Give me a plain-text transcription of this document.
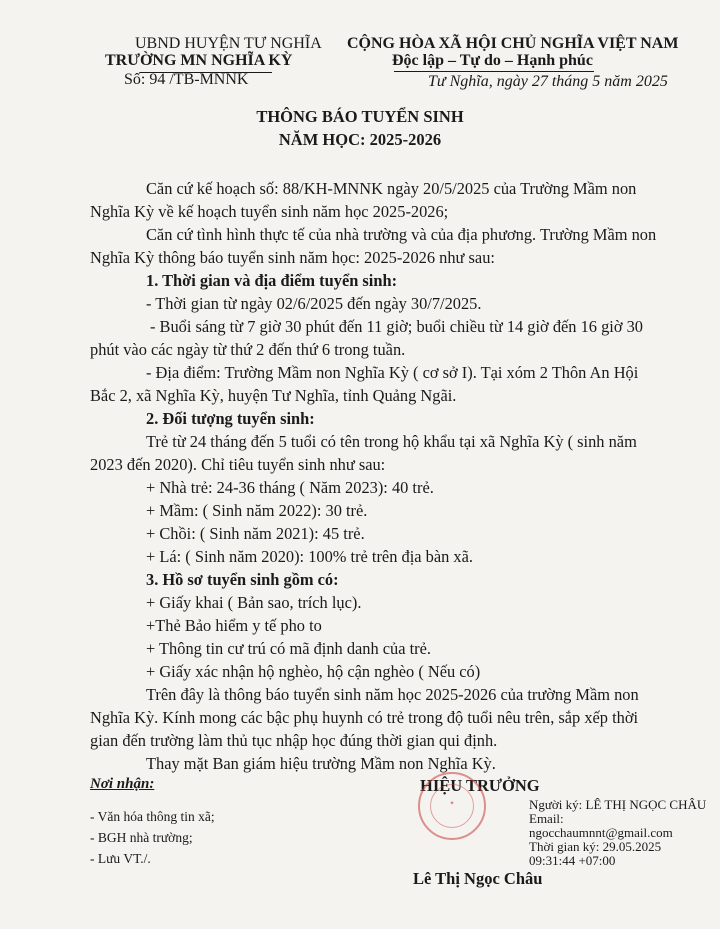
UBND HUYỆN TƯ NGHĨA
TRƯỜNG MN NGHĨA KỲ
Số: 94 /TB-MNNK
CỘNG HÒA XÃ HỘI CHỦ NGHĨA VIỆT NAM
Độc lập – Tự do – Hạnh phúc
Tư Nghĩa, ngày 27 tháng 5 năm 2025
THÔNG BÁO TUYỂN SINH
NĂM HỌC: 2025-2026
Căn cứ kế hoạch số: 88/KH-MNNK ngày 20/5/2025 của Trường Mầm non
Nghĩa Kỳ về kế hoạch tuyển sinh năm học 2025-2026;
Căn cứ tình hình thực tế của nhà trường và của địa phương. Trường Mầm non
Nghĩa Kỳ thông báo tuyển sinh năm học: 2025-2026 như sau:
1. Thời gian và địa điểm tuyển sinh:
- Thời gian từ ngày 02/6/2025 đến ngày 30/7/2025.
- Buổi sáng từ 7 giờ 30 phút đến 11 giờ; buổi chiều từ 14 giờ đến 16 giờ 30
phút vào các ngày từ thứ 2 đến thứ 6 trong tuần.
- Địa điểm: Trường Mầm non Nghĩa Kỳ ( cơ sở I). Tại xóm 2 Thôn An Hội
Bắc 2, xã Nghĩa Kỳ, huyện Tư Nghĩa, tỉnh Quảng Ngãi.
2. Đối tượng tuyển sinh:
Trẻ từ 24 tháng đến 5 tuổi có tên trong hộ khẩu tại xã Nghĩa Kỳ ( sinh năm
2023 đến 2020). Chỉ tiêu tuyển sinh như sau:
+ Nhà trẻ: 24-36 tháng ( Năm 2023): 40 trẻ.
+ Mầm: ( Sinh năm 2022): 30 trẻ.
+ Chồi: ( Sinh năm 2021): 45 trẻ.
+ Lá: ( Sinh năm 2020): 100% trẻ trên địa bàn xã.
3. Hồ sơ tuyển sinh gồm có:
+ Giấy khai ( Bản sao, trích lục).
+Thẻ Bảo hiểm y tế pho to
+ Thông tin cư trú có mã định danh của trẻ.
+ Giấy xác nhận hộ nghèo, hộ cận nghèo ( Nếu có)
Trên đây là thông báo tuyển sinh năm học 2025-2026 của trường Mầm non
Nghĩa Kỳ. Kính mong các bậc phụ huynh có trẻ trong độ tuổi nêu trên, sắp xếp thời
gian đến trường làm thủ tục nhập học đúng thời gian qui định.
Thay mặt Ban giám hiệu trường Mầm non Nghĩa Kỳ.
Nơi nhận:
- Văn hóa thông tin xã;
- BGH nhà trường;
- Lưu VT./.
HIỆU TRƯỞNG
✦	Người ký: LÊ THỊ NGỌC CHÂU
Email:
ngocchaumnnt@gmail.com
Thời gian ký: 29.05.2025
09:31:44 +07:00
Lê Thị Ngọc Châu
